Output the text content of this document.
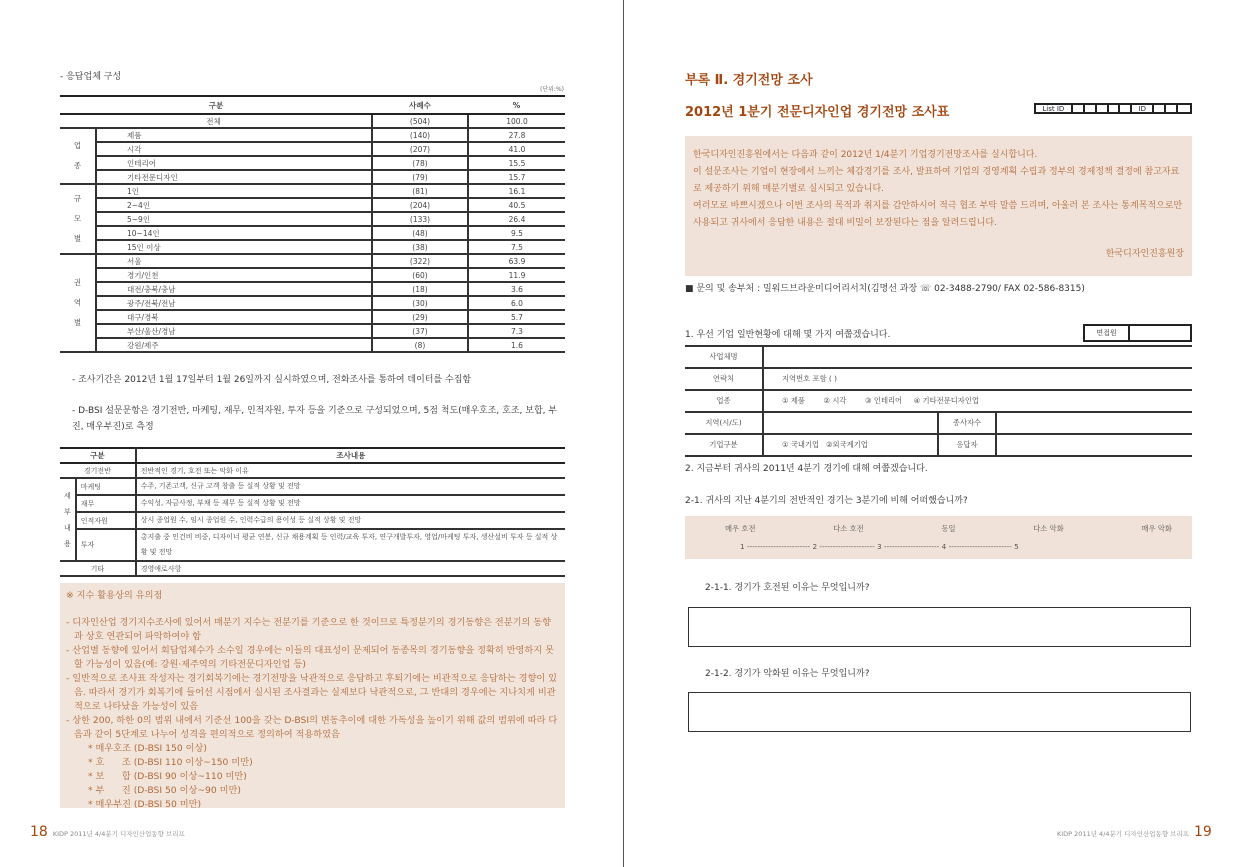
- 응답업체 구성
(단위:%)
구분		사례수	%
전체		(504)	100.0
업
종	제품	(140)	27.8
	시각	(207)	41.0
	인테리어	(78)	15.5
	기타전문디자인	(79)	15.7
규
모
별	1인	(81)	16.1
	2~4인	(204)	40.5
	5~9인	(133)	26.4
	10~14인	(48)	9.5
	15인 이상	(38)	7.5
권
역
별	서울	(322)	63.9
	경기/인천	(60)	11.9
	대전/충북/충남	(18)	3.6
	광주/전북/전남	(30)	6.0
	대구/경북	(29)	5.7
	부산/울산/경남	(37)	7.3
	강원/제주	(8)	1.6
- 조사기간은 2012년 1월 17일부터 1월 26일까지 실시하였으며, 전화조사를 통하여 데이터를 수집함
- D-BSI 설문문항은 경기전반, 마케팅, 재무, 인적자원, 투자 등을 기준으로 구성되었으며, 5점 척도(매우호조, 호조, 보합, 부진, 매우부진)로 측정
구분		조사내용
경기전반		전반적인 경기, 호전 또는 악화 이유
세
부
내
용	마케팅	수주, 기존고객, 신규 고객 창출 등 실적 상황 및 전망
	재무	수익성, 자금사정, 부채 등 재무 등 실적 상황 및 전망
	인적자원	상시 종업원 수, 임시 종업원 수, 인력수급의 용이성 등 실적 상황 및 전망
	투자	총지출 중 인건비 비중, 디자이너 평균 연봉, 신규 채용계획 등 인력/교육 투자, 연구개발투자, 영업/마케팅 투자, 생산설비 투자 등 실적 상황 및 전망
기타		경영애로사항

※ 지수 활용상의 유의점

- 디자인산업 경기지수조사에 있어서 매분기 지수는 전분기를 기준으로 한 것이므로 특정분기의 경기동향은 전분기의 동향과 상호 연관되어 파악하여야 함

- 산업별 동향에 있어서 회답업체수가 소수일 경우에는 이들의 대표성이 문제되어 동종목의 경기동향을 정확히 반영하지 못할 가능성이 있음(예: 강원·제주역의 기타전문디자인업 등)

- 일반적으로 조사표 작성자는 경기회복기에는 경기전망을 낙관적으로 응답하고 후퇴기에는 비관적으로 응답하는 경향이 있음. 따라서 경기가 회복기에 들어선 시점에서 실시된 조사결과는 실제보다 낙관적으로, 그 반대의 경우에는 지나치게 비관적으로 나타났을 가능성이 있음

- 상한 200, 하한 0의 범위 내에서 기준선 100을 갖는 D-BSI의 변동추이에 대한 가독성을 높이기 위해 값의 범위에 따라 다음과 같이 5단계로 나누어 성격을 편의적으로 정의하여 적용하였음

* 매우호조 (D-BSI 150 이상)

* 호      조 (D-BSI 110 이상~150 미만)

* 보      합 (D-BSI 90 이상~110 미만)

* 부      진 (D-BSI 50 이상~90 미만)

* 매우부진 (D-BSI 50 미만)

18 KIDP 2011년 4/4분기 디자인산업동향 브리프
부록 Ⅱ. 경기전망 조사
2012년 1분기 전문디자인업 경기전망 조사표	List ID	ID

한국디자인진흥원에서는 다음과 같이 2012년 1/4분기 기업경기전망조사를 실시합니다.

이 설문조사는 기업이 현장에서 느끼는 체감경기를 조사, 발표하여 기업의 경영계획 수립과 정부의 경제정책 결정에 참고자료로 제공하기 위해 매분기별로 실시되고 있습니다.

여러모로 바쁘시겠으나 이번 조사의 목적과 취지를 감안하시어 적극 협조 부탁 말씀 드리며, 아울러 본 조사는 통계목적으로만 사용되고 귀사에서 응답한 내용은 절대 비밀이 보장된다는 점을 알려드립니다.

한국디자인진흥원장
■ 문의 및 송부처 : 밀워드브라운미디어리서치(김명선 과장 ☏ 02-3488-2790/ FAX 02-586-8315)
1. 우선 기업 일반현황에 대해 몇 가지 여쭙겠습니다.	면접원
사업체명			
연락처	지역번호 포함 ( )		
업종	① 제품        ② 시각        ③ 인테리어     ④ 기타전문디자인업		
지역(시/도)		종사자수	
기업구분	① 국내기업   ②외국계기업	응답자	
2. 지금부터 귀사의 2011년 4분기 경기에 대해 여쭙겠습니다.
2-1. 귀사의 지난 4분기의 전반적인 경기는 3분기에 비해 어떠했습니까?
매우 호전	다소 호전	동일	다소 악화	매우 악화
1 ------------------------ 2 --------------------- 3 --------------------- 4 ------------------------ 5
2-1-1. 경기가 호전된 이유는 무엇입니까?
2-1-2. 경기가 악화된 이유는 무엇입니까?
KIDP 2011년 4/4분기 디자인산업동향 브리프 19
